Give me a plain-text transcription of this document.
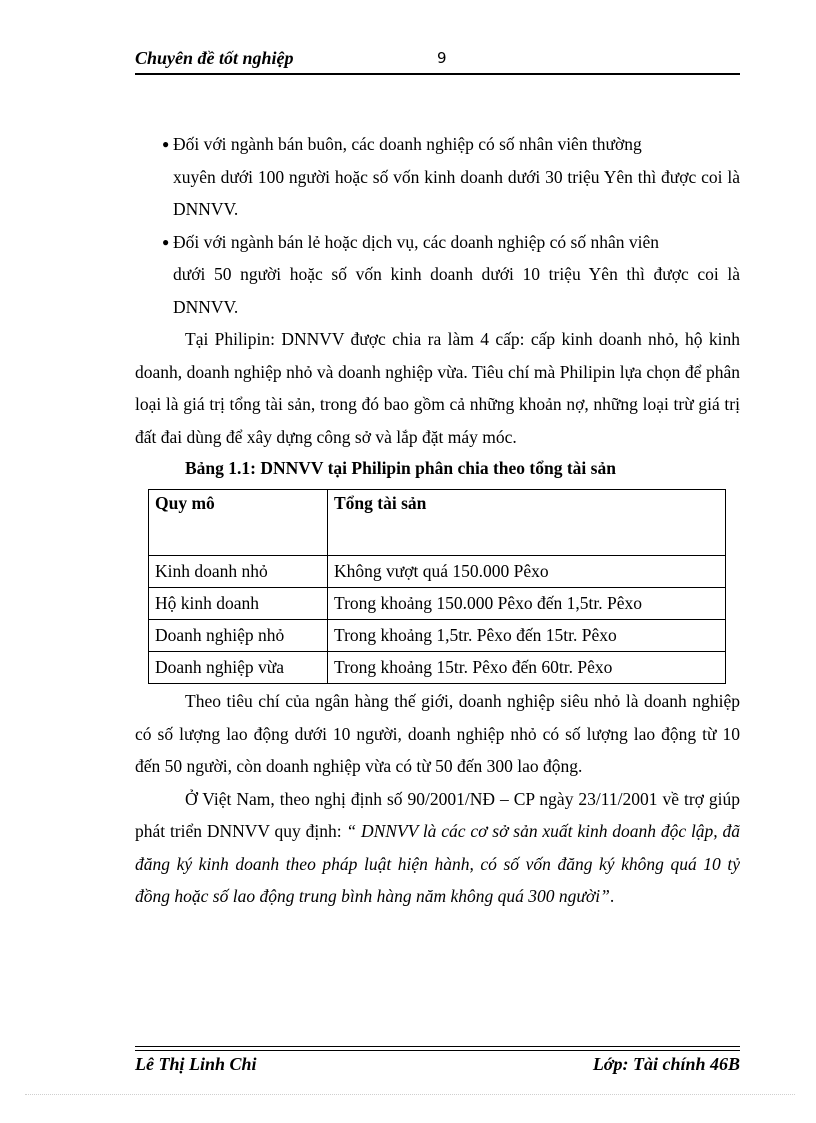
Chuyên đề tốt nghiệp	9
● Đối với ngành bán buôn, các doanh nghiệp có số nhân viên thường
xuyên dưới 100 người hoặc số vốn kinh doanh dưới 30 triệu Yên thì được coi là DNNVV.
● Đối với ngành bán lẻ hoặc dịch vụ, các doanh nghiệp có số nhân viên
dưới 50 người hoặc số vốn kinh doanh dưới 10 triệu Yên thì được coi là DNNVV.

Tại Philipin: DNNVV được chia ra làm 4 cấp: cấp kinh doanh nhỏ, hộ kinh doanh, doanh nghiệp nhỏ và doanh nghiệp vừa. Tiêu chí mà Philipin lựa chọn để phân loại là giá trị tổng tài sản, trong đó bao gồm cả những khoản nợ, những loại trừ giá trị đất đai dùng để xây dựng công sở và lắp đặt máy móc.

Bảng 1.1: DNNVV tại Philipin phân chia theo tổng tài sản

Quy mô	Tổng tài sản
Kinh doanh nhỏ	Không vượt quá 150.000 Pêxo
Hộ kinh doanh	Trong khoảng 150.000 Pêxo đến 1,5tr. Pêxo
Doanh nghiệp nhỏ	Trong khoảng 1,5tr. Pêxo đến 15tr. Pêxo
Doanh nghiệp vừa	Trong khoảng 15tr. Pêxo đến 60tr. Pêxo

Theo tiêu chí của ngân hàng thế giới, doanh nghiệp siêu nhỏ là doanh nghiệp có số lượng lao động dưới 10 người, doanh nghiệp nhỏ có số lượng lao động từ 10 đến 50 người, còn doanh nghiệp vừa có từ 50 đến 300 lao động.

Ở Việt Nam, theo nghị định số 90/2001/NĐ – CP ngày 23/11/2001 về trợ giúp phát triển DNNVV quy định: “ DNNVV là các cơ sở sản xuất kinh doanh độc lập, đã đăng ký kinh doanh theo pháp luật hiện hành, có số vốn đăng ký không quá 10 tỷ đồng hoặc số lao động trung bình hàng năm không quá 300 người”.

Lê Thị Linh Chi	Lớp: Tài chính 46B
